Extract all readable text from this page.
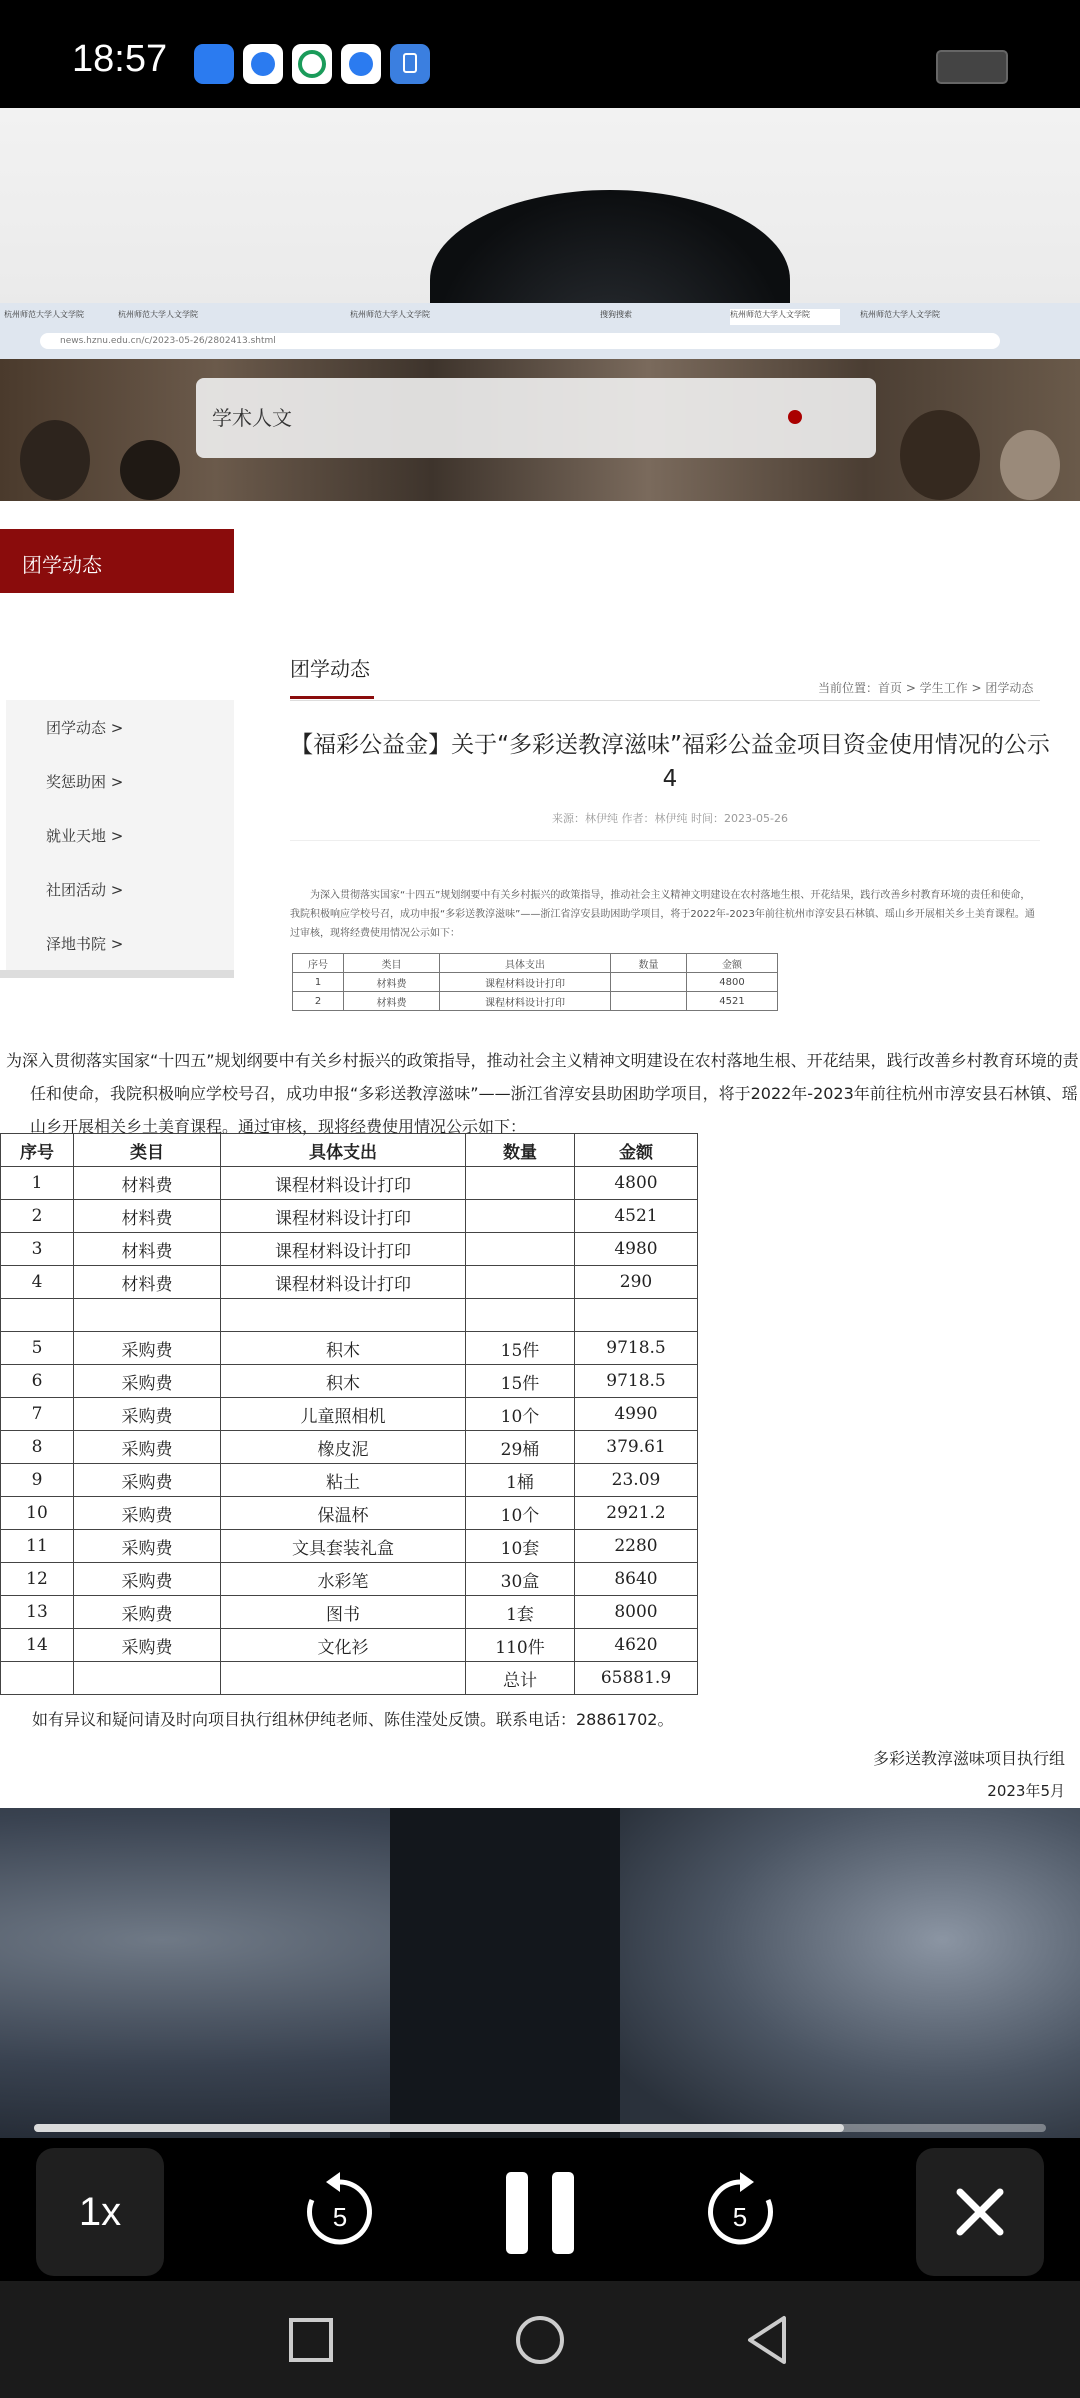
18:57
杭州师范大学人文学院	杭州师范大学人文学院	杭州师范大学人文学院	搜狗搜索	杭州师范大学人文学院	杭州师范大学人文学院
news.hznu.edu.cn/c/2023-05-26/2802413.shtml
学术人文
团学动态
团学动态 >
奖惩助困 >
就业天地 >
社团活动 >
泽地书院 >
团学动态
当前位置：首页 > 学生工作 > 团学动态
【福彩公益金】关于“多彩送教淳滋味”福彩公益金项目资金使用情况的公示4
来源：林伊纯 作者：林伊纯 时间：2023-05-26
为深入贯彻落实国家“十四五”规划纲要中有关乡村振兴的政策指导，推动社会主义精神文明建设在农村落地生根、开花结果，践行改善乡村教育环境的责任和使命，我院积极响应学校号召，成功申报“多彩送教淳滋味”——浙江省淳安县助困助学项目，将于2022年-2023年前往杭州市淳安县石林镇、瑶山乡开展相关乡土美育课程。通过审核，现将经费使用情况公示如下：
序号	类目	具体支出	数量	金额
1	材料费	课程材料设计打印		4800
2	材料费	课程材料设计打印		4521
为深入贯彻落实国家“十四五”规划纲要中有关乡村振兴的政策指导，推动社会主义精神文明建设在农村落地生根、开花结果，践行改善乡村教育环境的责任和使命，我院积极响应学校号召，成功申报“多彩送教淳滋味”——浙江省淳安县助困助学项目，将于2022年-2023年前往杭州市淳安县石林镇、瑶山乡开展相关乡土美育课程。通过审核，现将经费使用情况公示如下：
序号	类目	具体支出	数量	金额
1	材料费	课程材料设计打印		4800
2	材料费	课程材料设计打印		4521
3	材料费	课程材料设计打印		4980
4	材料费	课程材料设计打印		290

5	采购费	积木	15件	9718.5
6	采购费	积木	15件	9718.5
7	采购费	儿童照相机	10个	4990
8	采购费	橡皮泥	29桶	379.61
9	采购费	粘土	1桶	23.09
10	采购费	保温杯	10个	2921.2
11	采购费	文具套装礼盒	10套	2280
12	采购费	水彩笔	30盒	8640
13	采购费	图书	1套	8000
14	采购费	文化衫	110件	4620
			总计	65881.9
如有异议和疑问请及时向项目执行组林伊纯老师、陈佳滢处反馈。联系电话：28861702。
多彩送教淳滋味项目执行组
2023年5月
1x	5	5
